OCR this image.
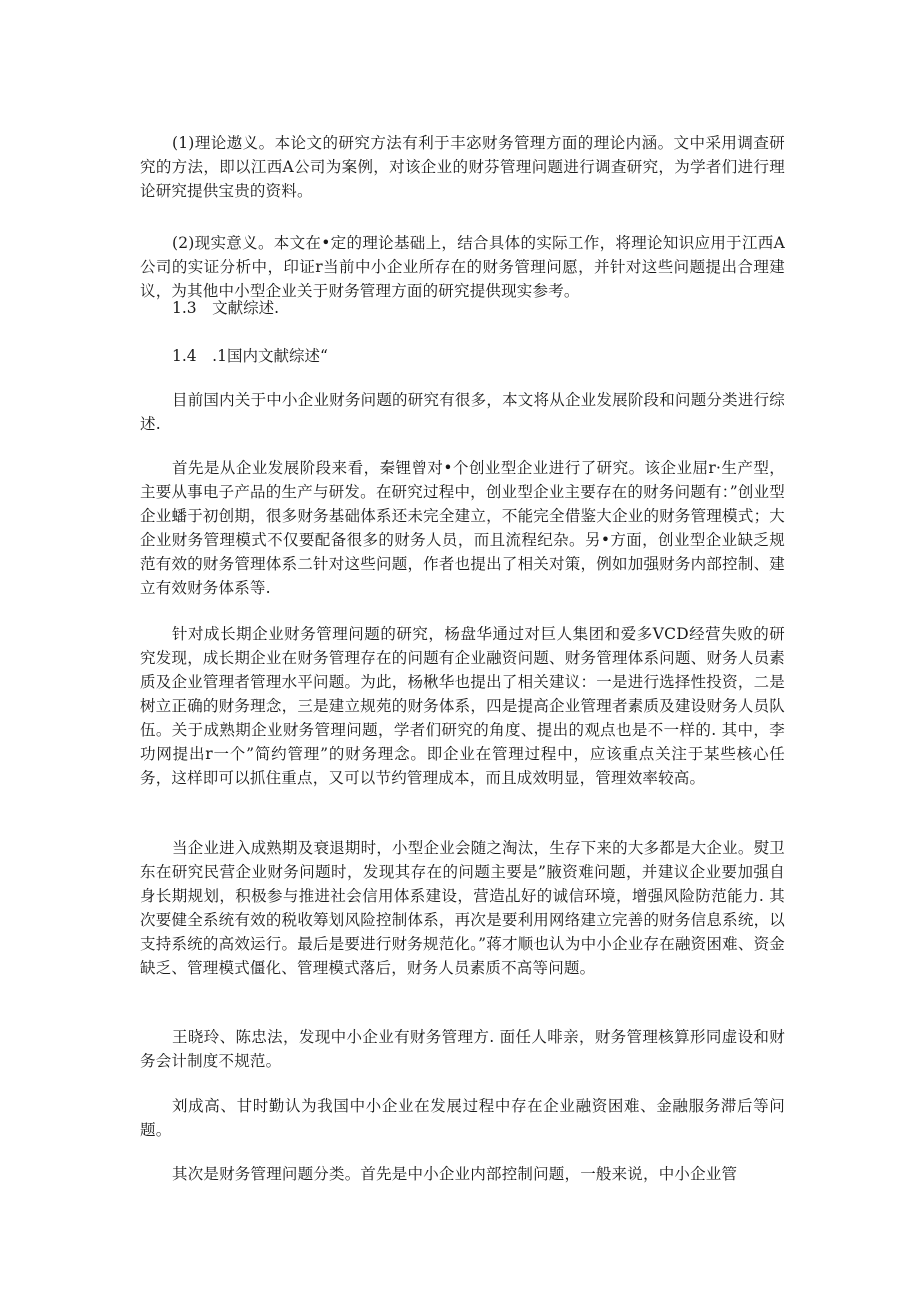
(1)理论遨义。本论文的研究方法有利于丰宓财务管理方面的理论内涵。文中采用调查研究的方法，即以江西A公司为案例，对该企业的财芬管理问题进行调查研究，为学者们进行理论研究提供宝贵的资料。

(2)现实意义。本文在•定的理论基础上，结合具体的实际工作，将理论知识应用于江西A公司的实证分析中，印证r当前中小企业所存在的财务管理问愿，并针对这些问题提出合理建议，为其他中小型企业关于财务管理方面的研究提供现实参考。

1.3　文献综述.

1.4　.1国内文献综述“

目前国内关于中小企业财务问题的研究有很多，本文将从企业发展阶段和问题分类进行综述.

首先是从企业发展阶段来看，秦锂曾对•个创业型企业进行了研究。该企业屈r·生产型，主要从事电子产品的生产与研发。在研究过程中，创业型企业主要存在的财务问题有：”创业型企业蟠于初创期，很多财务基础体系还未完全建立，不能完全借鉴大企业的财务管理模式；大企业财务管理模式不仅要配备很多的财务人员，而且流程纪杂。另•方面，创业型企业缺乏规范有效的财务管理体系二针对这些问题，作者也提出了相关对策，例如加强财务内部控制、建立有效财务体系等.

针对成长期企业财务管理问题的研究，杨盘华通过对巨人集团和爱多VCD经营失败的研究发现，成长期企业在财务管理存在的问题有企业融资问题、财务管理体系问题、财务人员素质及企业管理者管理水平问题。为此，杨楸华也提出了相关建议：一是进行选择性投资，二是树立正确的财务理念，三是建立规苑的财务体系，四是提高企业管理者素质及建设财务人员队伍。关于成熟期企业财务管理问题，学者们研究的角度、提出的观点也是不一样的. 其中，李功网提出r一个”简约管理”的财务理念。即企业在管理过程中，应该重点关注于某些核心任务，这样即可以抓住重点，又可以节约管理成本，而且成效明显，管理效率较高。

当企业进入成熟期及衰退期时，小型企业会随之淘汰，生存下来的大多都是大企业。熨卫东在研究民营企业财务问题时，发现其存在的问题主要是”腋资难问题，并建议企业要加强自身长期规划，积极参与推进社会信用体系建设，营造乩好的诚信环境，增强风险防范能力. 其次要健全系统有效的税收筹划风险控制体系，再次是要利用网络建立完善的财务信息系统，以支持系统的高效运行。最后是要进行财务规范化。”蒋才顺也认为中小企业存在融资困难、资金缺乏、管理模式僵化、管理模式落后，财务人员素质不高等问题。

王晓玲、陈忠法，发现中小企业有财务管理方. 面任人啡亲，财务管理核算形同虚设和财务会计制度不规范。

刘成高、甘时勤认为我国中小企业在发展过程中存在企业融资困难、金融服务滞后等问题。

其次是财务管理问题分类。首先是中小企业内部控制问题，一般来说，中小企业管
